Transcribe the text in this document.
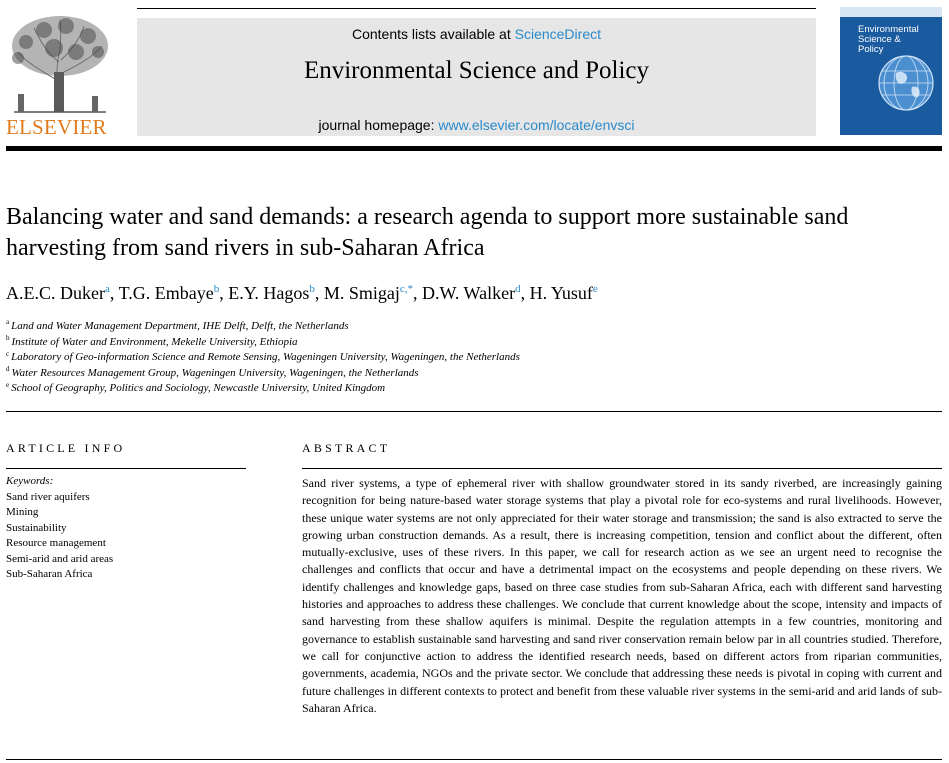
ELSEVIER
Contents lists available at ScienceDirect
Environmental Science and Policy
journal homepage: www.elsevier.com/locate/envsci
Environmental
Science &
Policy
Balancing water and sand demands: a research agenda to support more sustainable sand harvesting from sand rivers in sub-Saharan Africa
A.E.C. Duker$^a$, T.G. Embaye$^b$, E.Y. Hagos$^b$, M. Smigaj$^{c,*}$, D.W. Walker$^d$, H. Yusuf$^e$
$^a$ Land and Water Management Department, IHE Delft, Delft, the Netherlands
$^b$ Institute of Water and Environment, Mekelle University, Ethiopia
$^c$ Laboratory of Geo-information Science and Remote Sensing, Wageningen University, Wageningen, the Netherlands
$^d$ Water Resources Management Group, Wageningen University, Wageningen, the Netherlands
$^e$ School of Geography, Politics and Sociology, Newcastle University, United Kingdom
ARTICLE INFO
Keywords:
Sand river aquifers
Mining
Sustainability
Resource management
Semi-arid and arid areas
Sub-Saharan Africa
ABSTRACT
Sand river systems, a type of ephemeral river with shallow groundwater stored in its sandy riverbed, are increasingly gaining recognition for being nature-based water storage systems that play a pivotal role for eco-systems and rural livelihoods. However, these unique water systems are not only appreciated for their water storage and transmission; the sand is also extracted to serve the growing urban construction demands. As a result, there is increasing competition, tension and conflict about the different, often mutually-exclusive, uses of these rivers. In this paper, we call for research action as we see an urgent need to recognise the challenges and conflicts that occur and have a detrimental impact on the ecosystems and people depending on these rivers. We identify challenges and knowledge gaps, based on three case studies from sub-Saharan Africa, each with different sand harvesting histories and approaches to address these challenges. We conclude that current knowledge about the scope, intensity and impacts of sand harvesting from these shallow aquifers is minimal. Despite the regulation attempts in a few countries, monitoring and governance to establish sustainable sand harvesting and sand river conservation remain below par in all countries studied. Therefore, we call for conjunctive action to address the identified research needs, based on different actors from riparian communities, governments, academia, NGOs and the private sector. We conclude that addressing these needs is pivotal in coping with current and future challenges in different contexts to protect and benefit from these valuable river systems in the semi-arid and arid lands of sub-Saharan Africa.
